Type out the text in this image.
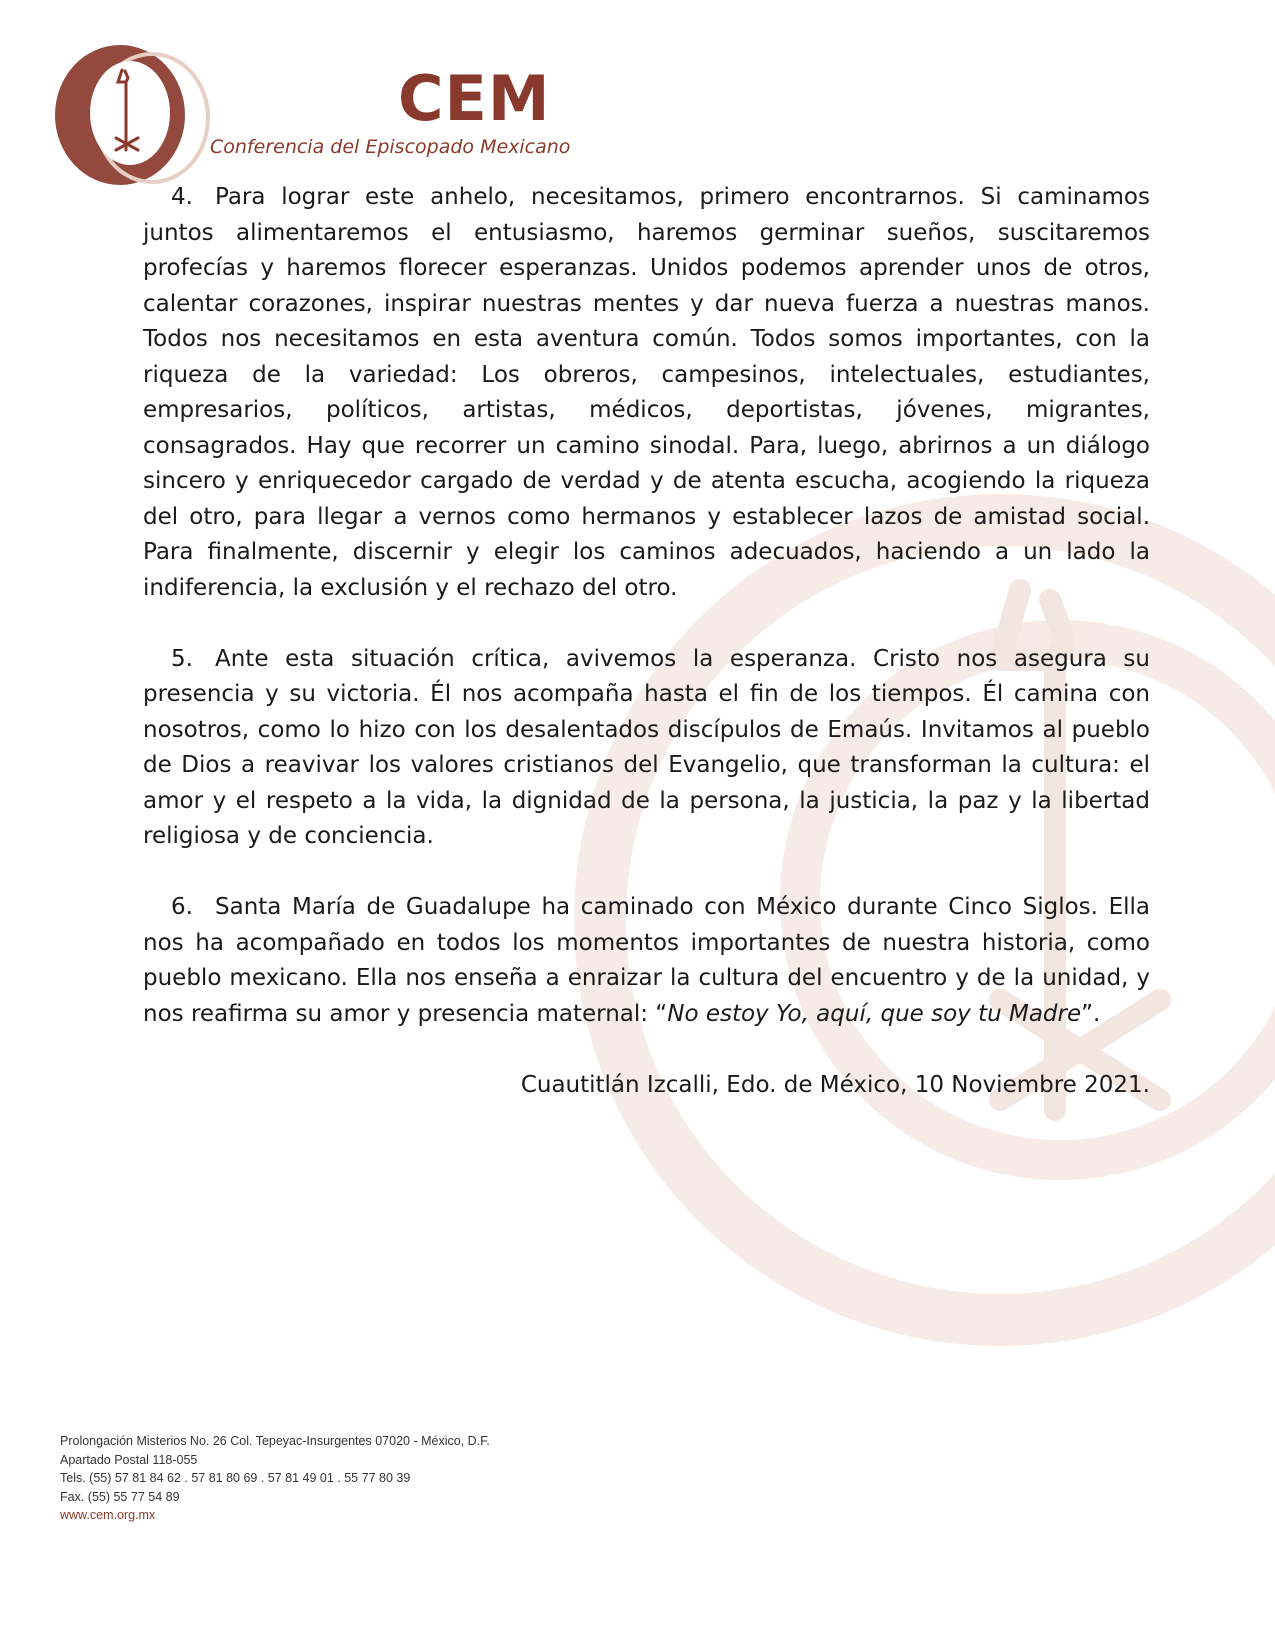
CEM
Conferencia del Episcopado Mexicano

4. Para lograr este anhelo, necesitamos, primero encontrarnos. Si caminamos juntos alimentaremos el entusiasmo, haremos germinar sueños, suscitaremos profecías y haremos florecer esperanzas. Unidos podemos aprender unos de otros, calentar corazones, inspirar nuestras mentes y dar nueva fuerza a nuestras manos. Todos nos necesitamos en esta aventura común. Todos somos importantes, con la riqueza de la variedad: Los obreros, campesinos, intelectuales, estudiantes, empresarios, políticos, artistas, médicos, deportistas, jóvenes, migrantes, consagrados. Hay que recorrer un camino sinodal. Para, luego, abrirnos a un diálogo sincero y enriquecedor cargado de verdad y de atenta escucha, acogiendo la riqueza del otro, para llegar a vernos como hermanos y establecer lazos de amistad social. Para finalmente, discernir y elegir los caminos adecuados, haciendo a un lado la indiferencia, la exclusión y el rechazo del otro.

5. Ante esta situación crítica, avivemos la esperanza. Cristo nos asegura su presencia y su victoria. Él nos acompaña hasta el fin de los tiempos. Él camina con nosotros, como lo hizo con los desalentados discípulos de Emaús. Invitamos al pueblo de Dios a reavivar los valores cristianos del Evangelio, que transforman la cultura: el amor y el respeto a la vida, la dignidad de la persona, la justicia, la paz y la libertad religiosa y de conciencia.

6. Santa María de Guadalupe ha caminado con México durante Cinco Siglos. Ella nos ha acompañado en todos los momentos importantes de nuestra historia, como pueblo mexicano. Ella nos enseña a enraizar la cultura del encuentro y de la unidad, y nos reafirma su amor y presencia maternal: “No estoy Yo, aquí, que soy tu Madre”.

Cuautitlán Izcalli, Edo. de México, 10 Noviembre 2021.

Prolongación Misterios No. 26 Col. Tepeyac-Insurgentes 07020 - México, D.F.
Apartado Postal 118-055
Tels. (55) 57 81 84 62 . 57 81 80 69 . 57 81 49 01 . 55 77 80 39
Fax. (55) 55 77 54 89
www.cem.org.mx
